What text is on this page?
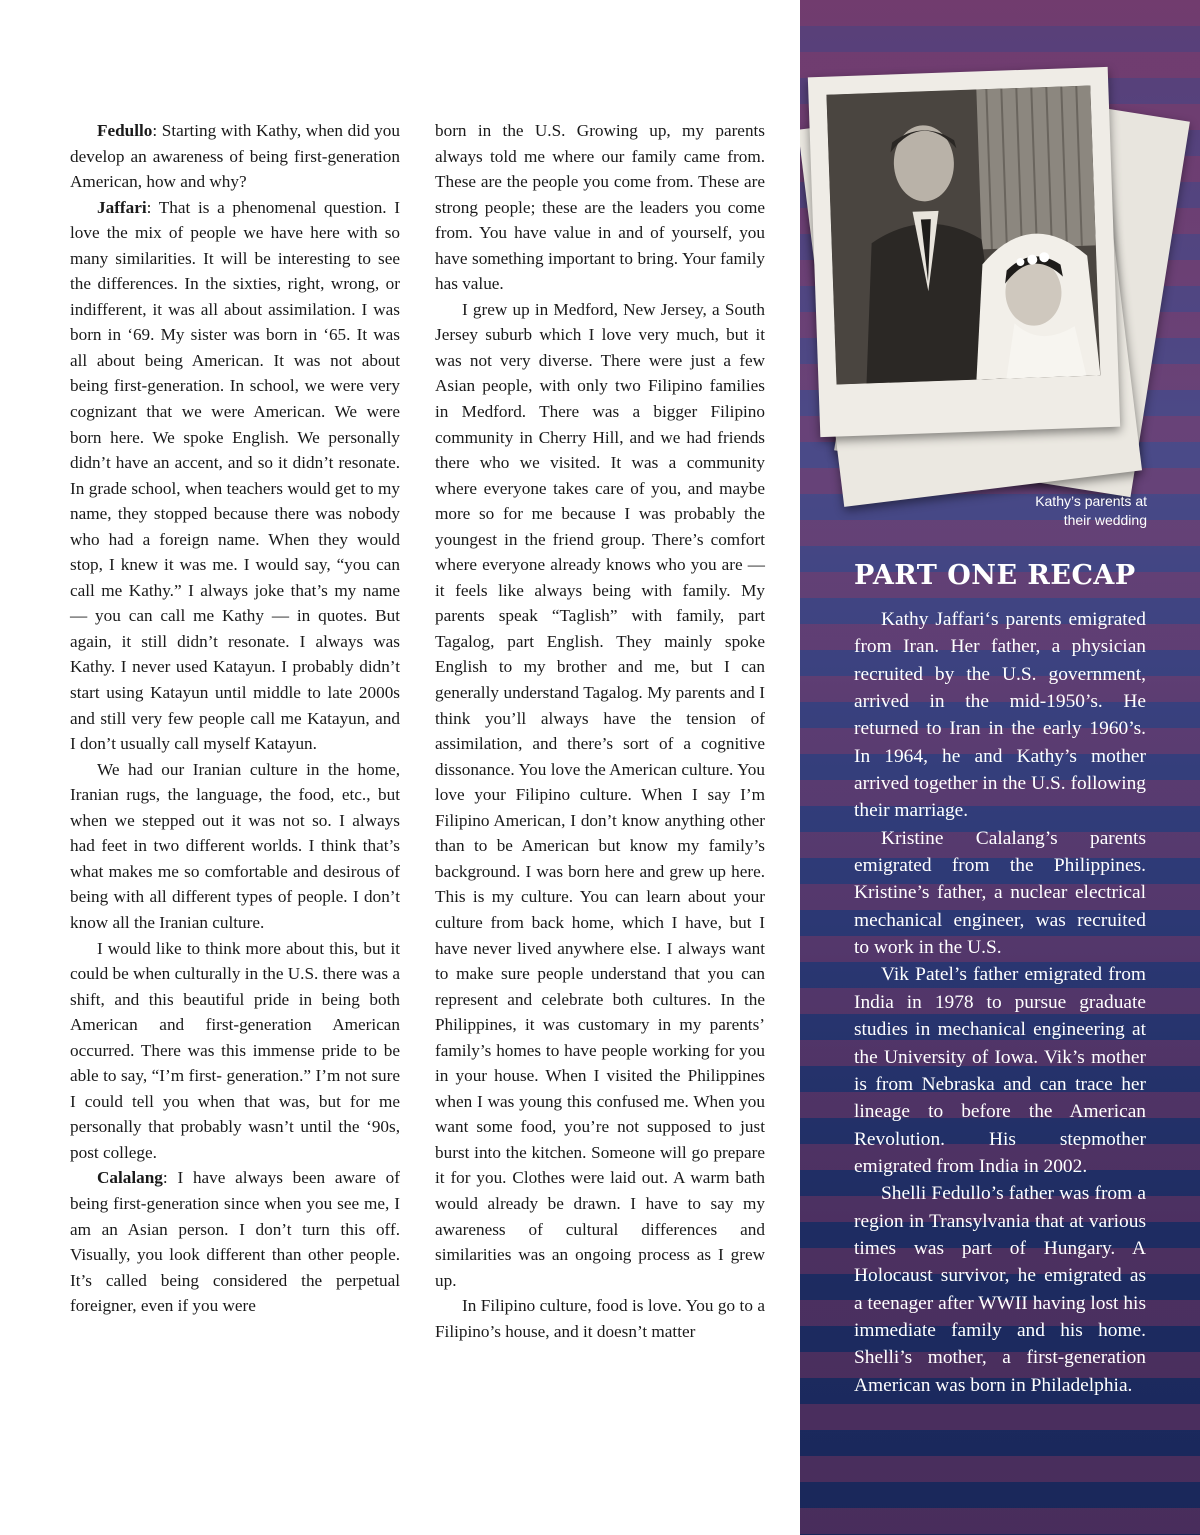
Fedullo: Starting with Kathy, when did you develop an awareness of being first-generation American, how and why?

Jaffari: That is a phenomenal question. I love the mix of people we have here with so many similarities. It will be interesting to see the differences. In the sixties, right, wrong, or indifferent, it was all about assimilation. I was born in ‘69. My sister was born in ‘65. It was all about being American. It was not about being first-generation. In school, we were very cognizant that we were American. We were born here. We spoke English. We personally didn’t have an accent, and so it didn’t resonate. In grade school, when teachers would get to my name, they stopped because there was nobody who had a foreign name. When they would stop, I knew it was me. I would say, “you can call me Kathy.” I always joke that’s my name — you can call me Kathy — in quotes. But again, it still didn’t resonate. I always was Kathy. I never used Katayun. I probably didn’t start using Katayun until middle to late 2000s and still very few people call me Katayun, and I don’t usually call myself Katayun.

We had our Iranian culture in the home, Iranian rugs, the language, the food, etc., but when we stepped out it was not so. I always had feet in two different worlds. I think that’s what makes me so comfortable and desirous of being with all different types of people. I don’t know all the Iranian culture.

I would like to think more about this, but it could be when culturally in the U.S. there was a shift, and this beautiful pride in being both American and first-generation American occurred. There was this immense pride to be able to say, “I’m first- generation.” I’m not sure I could tell you when that was, but for me personally that probably wasn’t until the ‘90s, post college.

Calalang: I have always been aware of being first-generation since when you see me, I am an Asian person. I don’t turn this off. Visually, you look different than other people. It’s called being considered the perpetual foreigner, even if you were

born in the U.S. Growing up, my parents always told me where our family came from. These are the people you come from. These are strong people; these are the leaders you come from. You have value in and of yourself, you have something important to bring. Your family has value.

I grew up in Medford, New Jersey, a South Jersey suburb which I love very much, but it was not very diverse. There were just a few Asian people, with only two Filipino families in Medford. There was a bigger Filipino community in Cherry Hill, and we had friends there who we visited. It was a community where everyone takes care of you, and maybe more so for me because I was probably the youngest in the friend group. There’s comfort where everyone already knows who you are — it feels like always being with family. My parents speak “Taglish” with family, part Tagalog, part English. They mainly spoke English to my brother and me, but I can generally understand Tagalog. My parents and I think you’ll always have the tension of assimilation, and there’s sort of a cognitive dissonance. You love the American culture. You love your Filipino culture. When I say I’m Filipino American, I don’t know anything other than to be American but know my family’s background. I was born here and grew up here. This is my culture. You can learn about your culture from back home, which I have, but I have never lived anywhere else. I always want to make sure people understand that you can represent and celebrate both cultures. In the Philippines, it was customary in my parents’ family’s homes to have people working for you in your house. When I visited the Philippines when I was young this confused me. When you want some food, you’re not supposed to just burst into the kitchen. Someone will go prepare it for you. Clothes were laid out. A warm bath would already be drawn. I have to say my awareness of cultural differences and similarities was an ongoing process as I grew up.

In Filipino culture, food is love. You go to a Filipino’s house, and it doesn’t matter

Kathy’s parents at
their wedding
PART ONE RECAP

Kathy Jaffari‘s parents emigrated from Iran. Her father, a physician recruited by the U.S. government, arrived in the mid-1950’s. He returned to Iran in the early 1960’s. In 1964, he and Kathy’s mother arrived together in the U.S. following their marriage.

Kristine Calalang’s parents emigrated from the Philippines. Kristine’s father, a nuclear electrical mechanical engineer, was recruited to work in the U.S.

Vik Patel’s father emigrated from India in 1978 to pursue graduate studies in mechanical engineering at the University of Iowa. Vik’s mother is from Nebraska and can trace her lineage to before the American Revolution. His stepmother emigrated from India in 2002.

Shelli Fedullo’s father was from a region in Transylvania that at various times was part of Hungary. A Holocaust survivor, he emigrated as a teenager after WWII having lost his immediate family and his home. Shelli’s mother, a first-generation American was born in Philadelphia.
